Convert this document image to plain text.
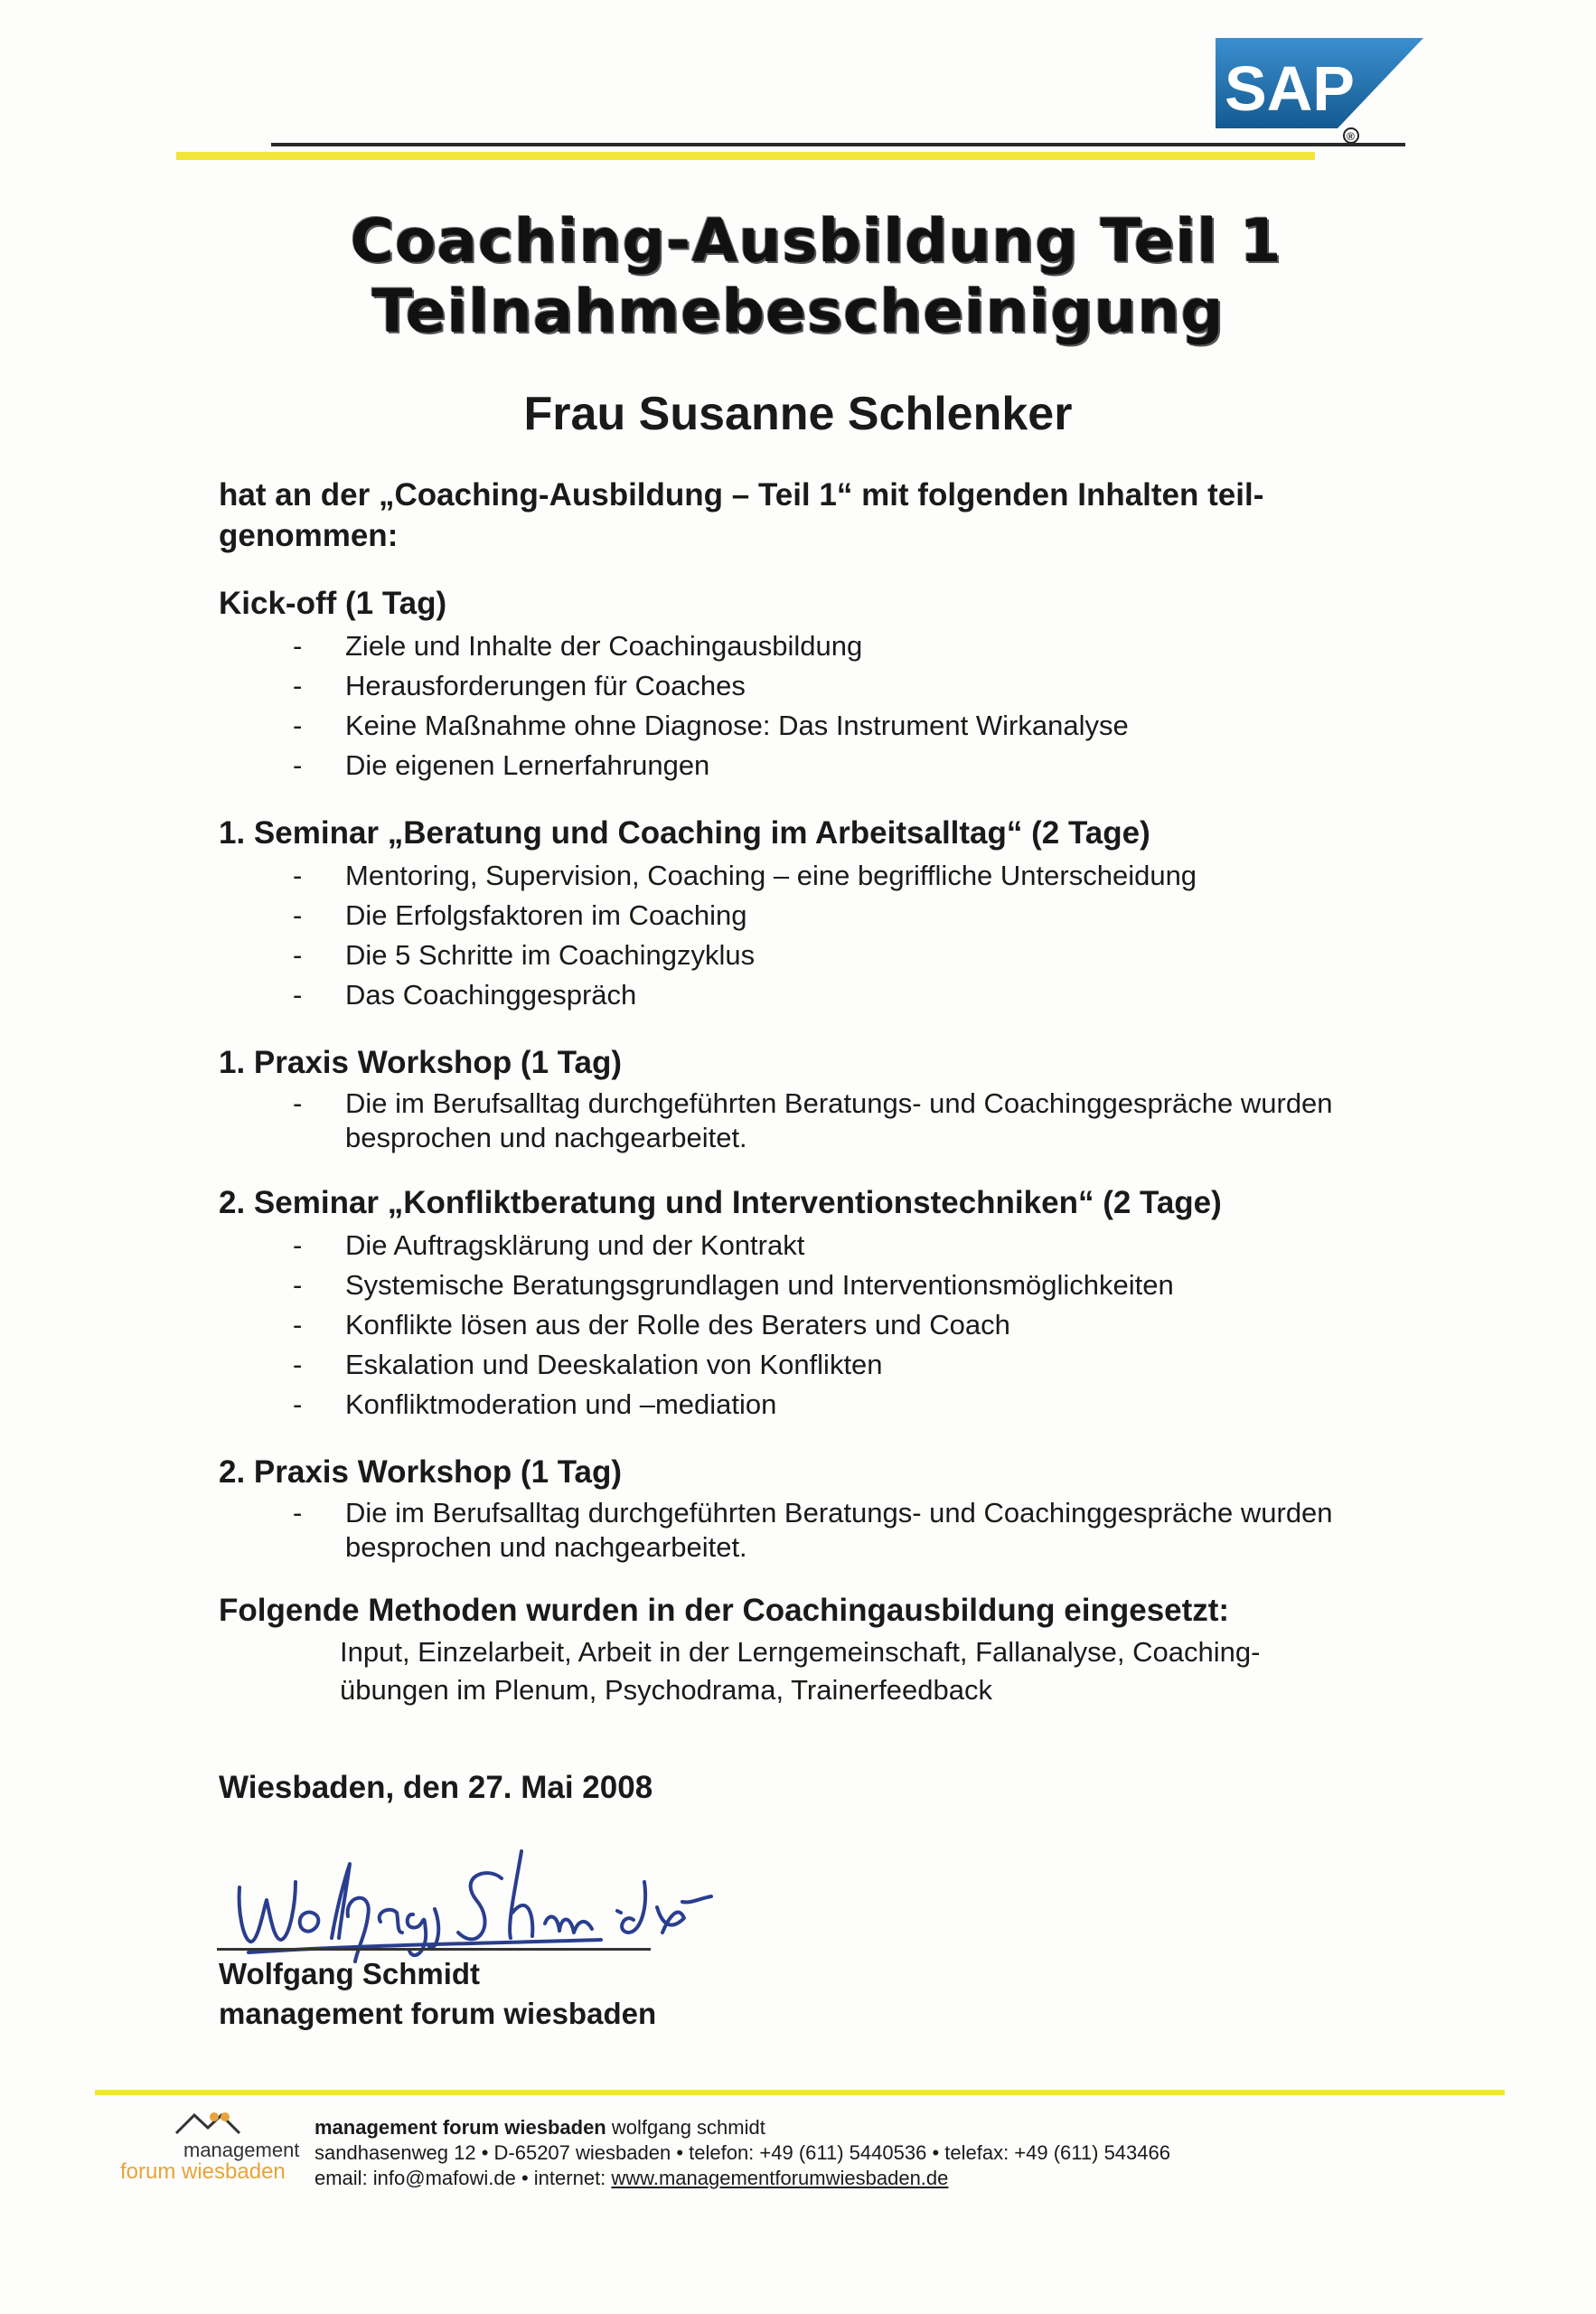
SAP
®
Coaching-Ausbildung Teil 1
Teilnahmebescheinigung
Frau Susanne Schlenker

hat an der „Coaching-Ausbildung – Teil 1“ mit folgenden Inhalten teil-genommen:

Kick-off (1 Tag)

- Ziele und Inhalte der Coachingausbildung
- Herausforderungen für Coaches
- Keine Maßnahme ohne Diagnose: Das Instrument Wirkanalyse
- Die eigenen Lernerfahrungen

1. Seminar „Beratung und Coaching im Arbeitsalltag“ (2 Tage)

- Mentoring, Supervision, Coaching – eine begriffliche Unterscheidung
- Die Erfolgsfaktoren im Coaching
- Die 5 Schritte im Coachingzyklus
- Das Coachinggespräch

1. Praxis Workshop (1 Tag)

- Die im Berufsalltag durchgeführten Beratungs- und Coachinggespräche wurden besprochen und nachgearbeitet.

2. Seminar „Konfliktberatung und Interventionstechniken“ (2 Tage)

- Die Auftragsklärung und der Kontrakt
- Systemische Beratungsgrundlagen und Interventionsmöglichkeiten
- Konflikte lösen aus der Rolle des Beraters und Coach
- Eskalation und Deeskalation von Konflikten
- Konfliktmoderation und –mediation

2. Praxis Workshop (1 Tag)

- Die im Berufsalltag durchgeführten Beratungs- und Coachinggespräche wurden besprochen und nachgearbeitet.

Folgende Methoden wurden in der Coachingausbildung eingesetzt:

Input, Einzelarbeit, Arbeit in der Lerngemeinschaft, Fallanalyse, Coaching-übungen im Plenum, Psychodrama, Trainerfeedback

Wiesbaden, den 27. Mai 2008
Wolfgang Schmidt
management forum wiesbaden
management
forum wiesbaden
management forum wiesbaden wolfgang schmidt
sandhasenweg 12 • D-65207 wiesbaden • telefon: +49 (611) 5440536 • telefax: +49 (611) 543466
email: info@mafowi.de • internet: www.managementforumwiesbaden.de
